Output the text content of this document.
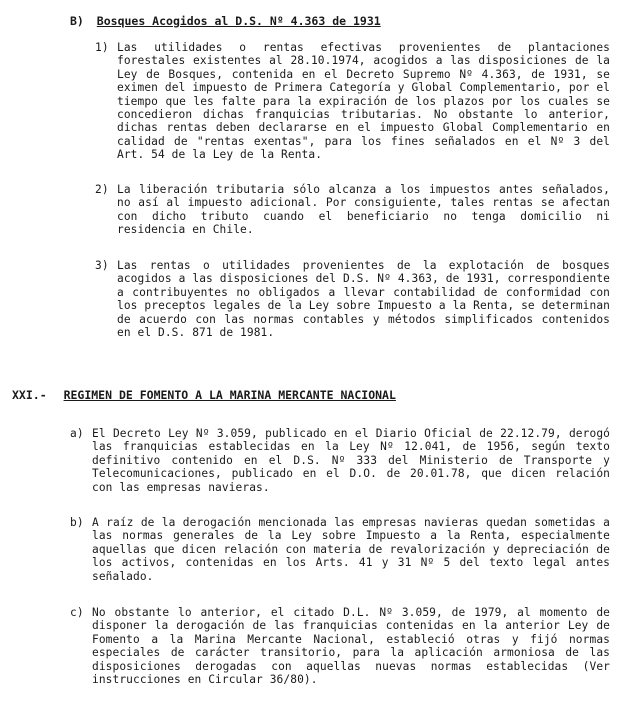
B) Bosques Acogidos al D.S. Nº 4.363 de 1931
1) Las utilidades o rentas efectivas provenientes de plantaciones forestales existentes al 28.10.1974, acogidos a las disposiciones de la Ley de Bosques, contenida en el Decreto Supremo Nº 4.363, de 1931, se eximen del impuesto de Primera Categoría y Global Complementario, por el tiempo que les falte para la expiración de los plazos por los cuales se concedieron dichas franquicias tributarias. No obstante lo anterior, dichas rentas deben declararse en el impuesto Global Complementario en calidad de "rentas exentas", para los fines señalados en el Nº 3 del Art. 54 de la Ley de la Renta.

2) La liberación tributaria sólo alcanza a los impuestos antes señalados, no así al impuesto adicional. Por consiguiente, tales rentas se afectan con dicho tributo cuando el beneficiario no tenga domicilio ni residencia en Chile.

3) Las rentas o utilidades provenientes de la explotación de bosques acogidos a las disposiciones del D.S. Nº 4.363, de 1931, correspondiente a contribuyentes no obligados a llevar contabilidad de conformidad con los preceptos legales de la Ley sobre Impuesto a la Renta, se determinan de acuerdo con las normas contables y métodos simplificados contenidos en el D.S. 871 de 1981.

XXI.- REGIMEN DE FOMENTO A LA MARINA MERCANTE NACIONAL
a) El Decreto Ley Nº 3.059, publicado en el Diario Oficial de 22.12.79, derogó las franquicias establecidas en la Ley Nº 12.041, de 1956, según texto definitivo contenido en el D.S. Nº 333 del Ministerio de Transporte y Telecomunicaciones, publicado en el D.O. de 20.01.78, que dicen relación con las empresas navieras.

b) A raíz de la derogación mencionada las empresas navieras quedan sometidas a las normas generales de la Ley sobre Impuesto a la Renta, especialmente aquellas que dicen relación con materia de revalorización y depreciación de los activos, contenidas en los Arts. 41 y 31 Nº 5 del texto legal antes señalado.

c) No obstante lo anterior, el citado D.L. Nº 3.059, de 1979, al momento de disponer la derogación de las franquicias contenidas en la anterior Ley de Fomento a la Marina Mercante Nacional, estableció otras y fijó normas especiales de carácter transitorio, para la aplicación armoniosa de las disposiciones derogadas con aquellas nuevas normas establecidas (Ver instrucciones en Circular 36/80).
